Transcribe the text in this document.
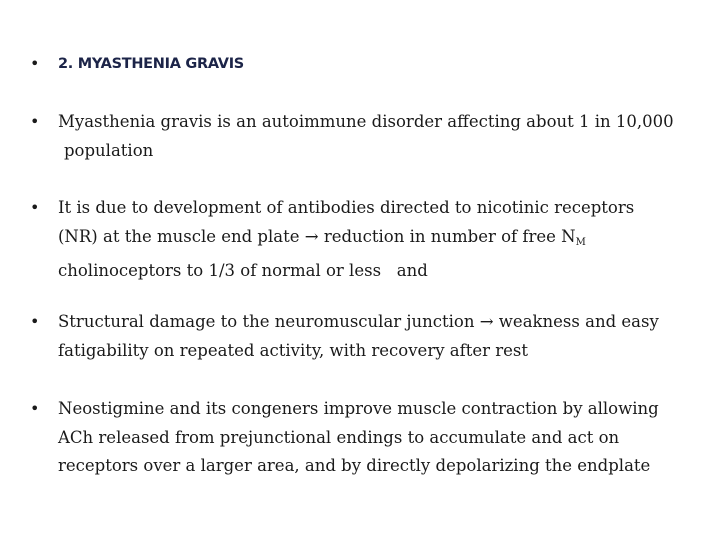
•	2. MYASTHENIA GRAVIS
•	Myasthenia gravis is an autoimmune disorder affecting about 1 in 10,000
population
•	It is due to development of antibodies directed to nicotinic receptors
(NR) at the muscle end plate → reduction in number of free $N_M$
cholinoceptors to 1/3 of normal or less   and
•	Structural damage to the neuromuscular junction → weakness and easy
fatigability on repeated activity, with recovery after rest
•	Neostigmine and its congeners improve muscle contraction by allowing
ACh released from prejunctional endings to accumulate and act on
receptors over a larger area, and by directly depolarizing the endplate
